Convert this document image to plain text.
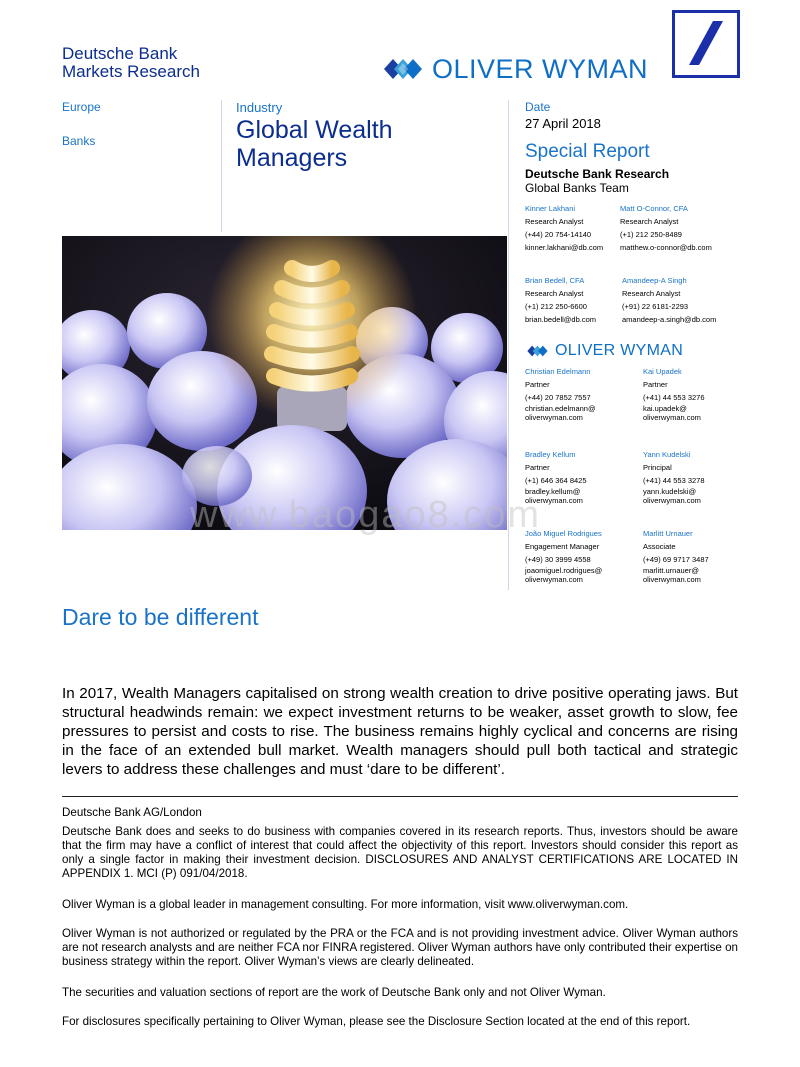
Deutsche Bank
Markets Research	OLIVER WYMAN
Europe
Banks
Industry
Global Wealth
Managers
Date
27 April 2018
Special Report
Deutsche Bank Research
Global Banks Team
Kinner Lakhani
Research Analyst
(+44) 20 754-14140
kinner.lakhani@db.com
Matt O-Connor, CFA
Research Analyst
(+1) 212 250-8489
matthew.o-connor@db.com
Brian Bedell, CFA
Research Analyst
(+1) 212 250-6600
brian.bedell@db.com
Amandeep-A Singh
Research Analyst
(+91) 22 6181-2293
amandeep-a.singh@db.com
OLIVER WYMAN
Christian Edelmann
Partner
(+44) 20 7852 7557
christian.edelmann@
oliverwyman.com
Kai Upadek
Partner
(+41) 44 553 3276
kai.upadek@
oliverwyman.com
Bradley Kellum
Partner
(+1) 646 364 8425
bradley.kellum@
oliverwyman.com
Yann Kudelski
Principal
(+41) 44 553 3278
yann.kudelski@
oliverwyman.com
João Miguel Rodrigues
Engagement Manager
(+49) 30 3999 4558
joaomiguel.rodrigues@
oliverwyman.com
Marlitt Urnauer
Associate
(+49) 69 9717 3487
marlitt.urnauer@
oliverwyman.com
www.baogao8.com
Dare to be different
In 2017, Wealth Managers capitalised on strong wealth creation to drive positive operating jaws. But structural headwinds remain: we expect investment returns to be weaker, asset growth to slow, fee pressures to persist and costs to rise. The business remains highly cyclical and concerns are rising in the face of an extended bull market. Wealth managers should pull both tactical and strategic levers to address these challenges and must ‘dare to be different’.
Deutsche Bank AG/London
Deutsche Bank does and seeks to do business with companies covered in its research reports. Thus, investors should be aware that the firm may have a conflict of interest that could affect the objectivity of this report. Investors should consider this report as only a single factor in making their investment decision. DISCLOSURES AND ANALYST CERTIFICATIONS ARE LOCATED IN APPENDIX 1. MCI (P) 091/04/2018.
Oliver Wyman is a global leader in management consulting. For more information, visit www.oliverwyman.com.
Oliver Wyman is not authorized or regulated by the PRA or the FCA and is not providing investment advice. Oliver Wyman authors are not research analysts and are neither FCA nor FINRA registered. Oliver Wyman authors have only contributed their expertise on business strategy within the report. Oliver Wyman’s views are clearly delineated.
The securities and valuation sections of report are the work of Deutsche Bank only and not Oliver Wyman.
For disclosures specifically pertaining to Oliver Wyman, please see the Disclosure Section located at the end of this report.
